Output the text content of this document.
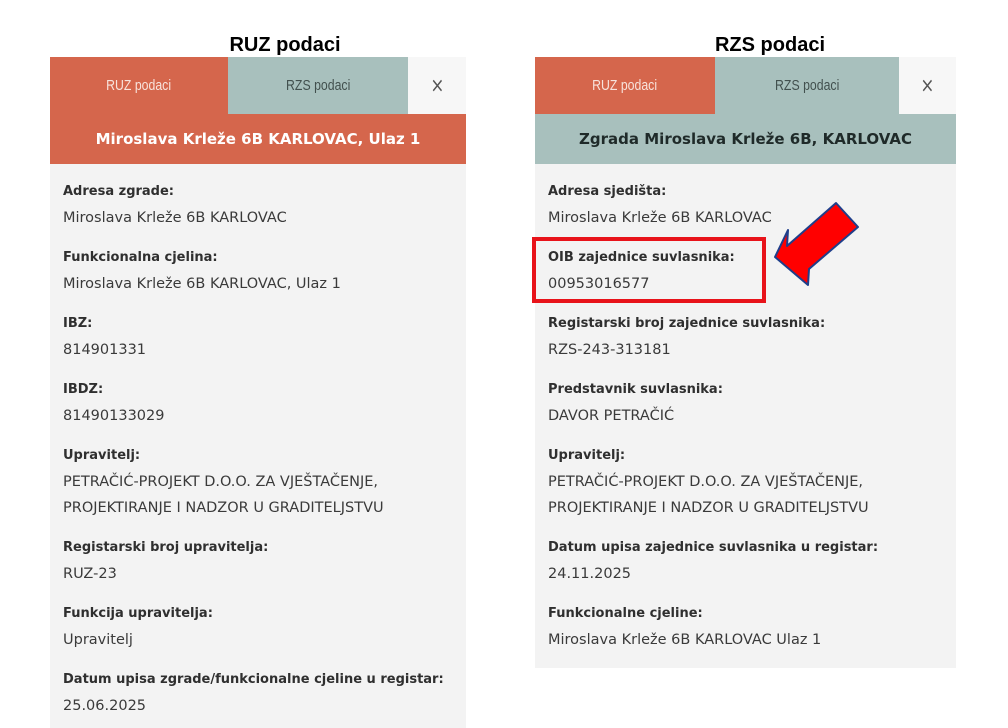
RUZ podaci	RZS podaci
RUZ podaci	RZS podaci	×
Miroslava Krleže 6B KARLOVAC, Ulaz 1
Adresa zgrade:
Miroslava Krleže 6B KARLOVAC
Funkcionalna cjelina:
Miroslava Krleže 6B KARLOVAC, Ulaz 1
IBZ:
814901331
IBDZ:
81490133029
Upravitelj:
PETRAČIĆ-PROJEKT D.O.O. ZA VJEŠTAČENJE,
PROJEKTIRANJE I NADZOR U GRADITELJSTVU
Registarski broj upravitelja:
RUZ-23
Funkcija upravitelja:
Upravitelj
Datum upisa zgrade/funkcionalne cjeline u registar:
25.06.2025
RUZ podaci	RZS podaci	×
Zgrada Miroslava Krleže 6B, KARLOVAC
Adresa sjedišta:
Miroslava Krleže 6B KARLOVAC
OIB zajednice suvlasnika:
00953016577
Registarski broj zajednice suvlasnika:
RZS-243-313181
Predstavnik suvlasnika:
DAVOR PETRAČIĆ
Upravitelj:
PETRAČIĆ-PROJEKT D.O.O. ZA VJEŠTAČENJE,
PROJEKTIRANJE I NADZOR U GRADITELJSTVU
Datum upisa zajednice suvlasnika u registar:
24.11.2025
Funkcionalne cjeline:
Miroslava Krleže 6B KARLOVAC Ulaz 1
